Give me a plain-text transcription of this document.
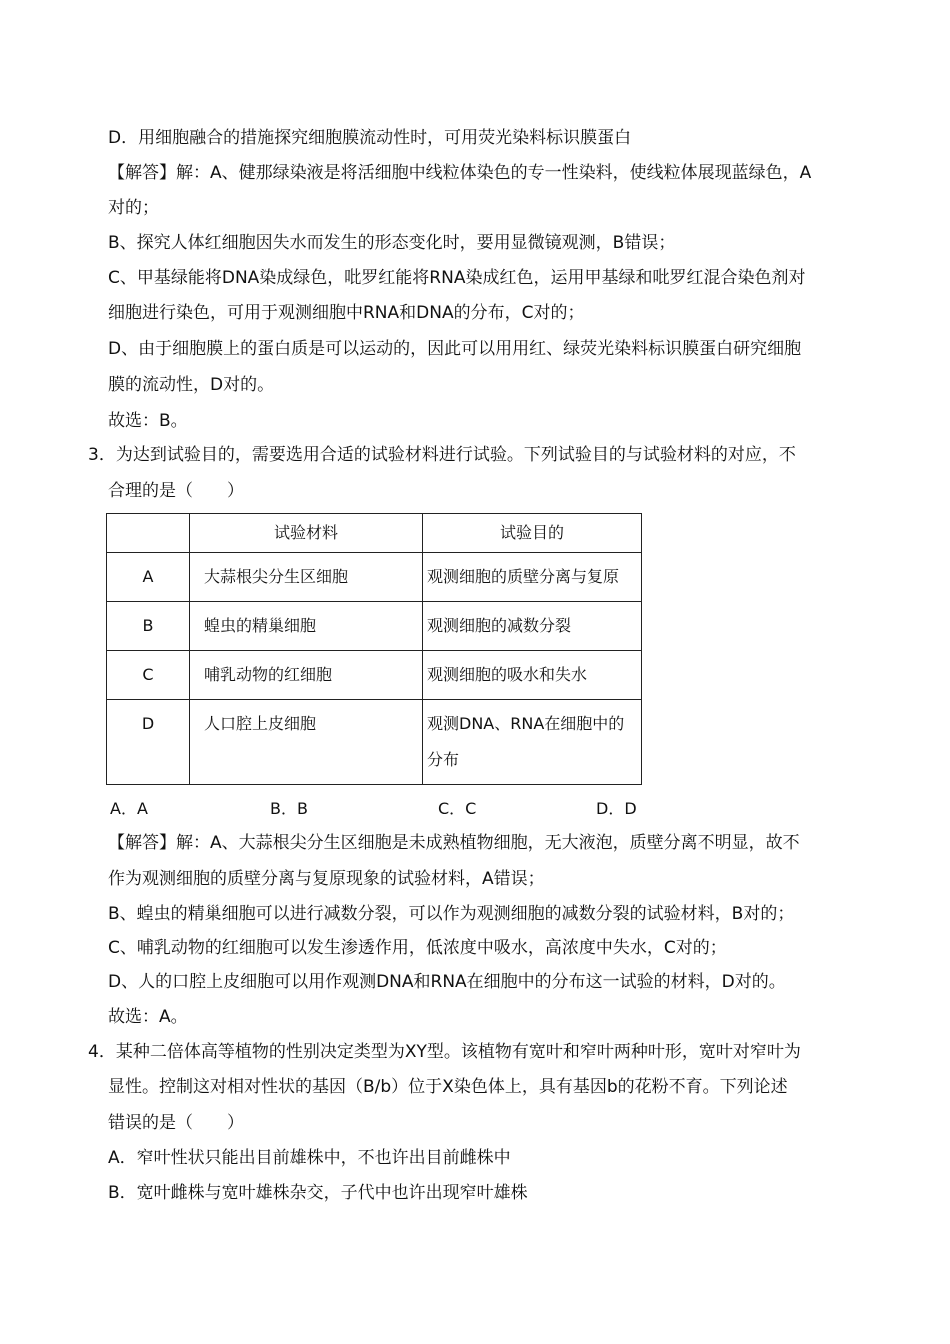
D．用细胞融合的措施探究细胞膜流动性时，可用荧光染料标识膜蛋白
【解答】解：A、健那绿染液是将活细胞中线粒体染色的专一性染料，使线粒体展现蓝绿色，A
对的；
B、探究人体红细胞因失水而发生的形态变化时，要用显微镜观测，B错误；
C、甲基绿能将DNA染成绿色，吡罗红能将RNA染成红色，运用甲基绿和吡罗红混合染色剂对
细胞进行染色，可用于观测细胞中RNA和DNA的分布，C对的；
D、由于细胞膜上的蛋白质是可以运动的，因此可以用用红、绿荧光染料标识膜蛋白研究细胞
膜的流动性，D对的。
故选：B。
3．为达到试验目的，需要选用合适的试验材料进行试验。下列试验目的与试验材料的对应，不
合理的是（　　）
	试验材料	试验目的
A	大蒜根尖分生区细胞	观测细胞的质壁分离与复原
B	蝗虫的精巢细胞	观测细胞的减数分裂
C	哺乳动物的红细胞	观测细胞的吸水和失水
D	人口腔上皮细胞	观测DNA、RNA在细胞中的分布
A．A	B．B	C．C	D．D
【解答】解：A、大蒜根尖分生区细胞是未成熟植物细胞，无大液泡，质壁分离不明显，故不
作为观测细胞的质壁分离与复原现象的试验材料，A错误；
B、蝗虫的精巢细胞可以进行减数分裂，可以作为观测细胞的减数分裂的试验材料，B对的；
C、哺乳动物的红细胞可以发生渗透作用，低浓度中吸水，高浓度中失水，C对的；
D、人的口腔上皮细胞可以用作观测DNA和RNA在细胞中的分布这一试验的材料，D对的。
故选：A。
4．某种二倍体高等植物的性别决定类型为XY型。该植物有宽叶和窄叶两种叶形，宽叶对窄叶为
显性。控制这对相对性状的基因（B/b）位于X染色体上，具有基因b的花粉不育。下列论述
错误的是（　　）
A．窄叶性状只能出目前雄株中，不也许出目前雌株中
B．宽叶雌株与宽叶雄株杂交，子代中也许出现窄叶雄株
